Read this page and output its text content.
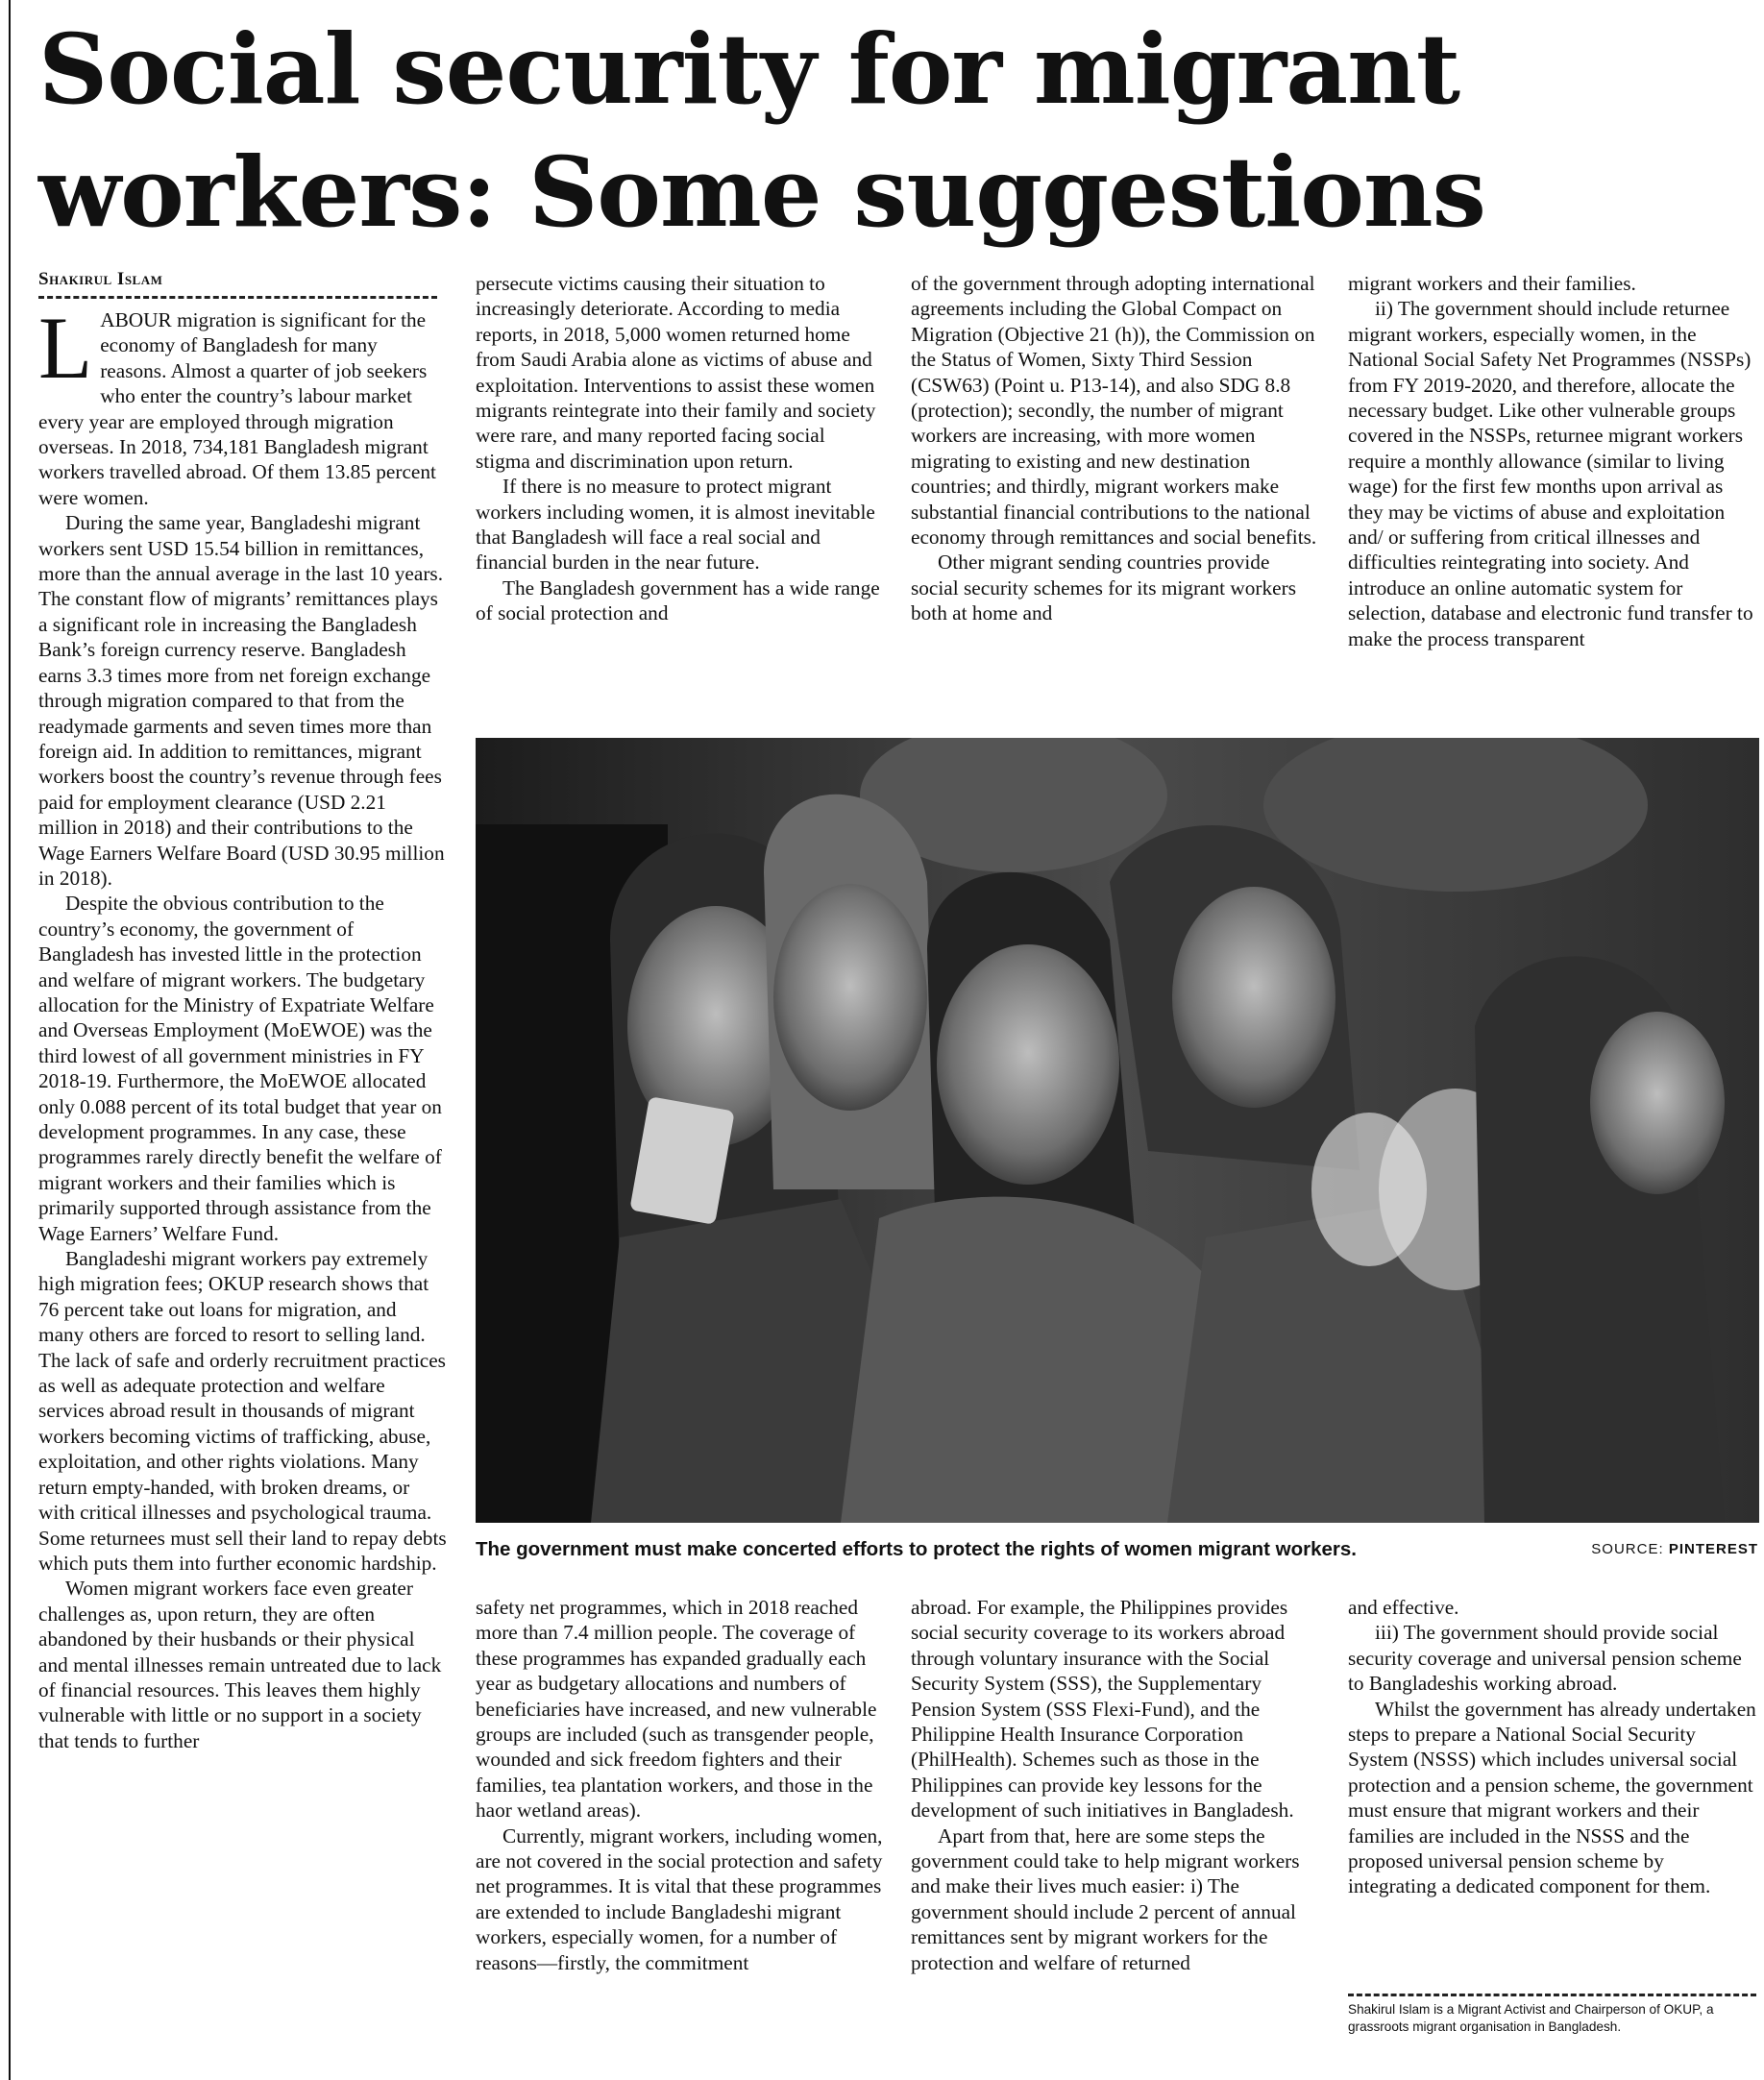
Social security for migrant workers: Some suggestions
Shakirul Islam

LABOUR migration is significant for the economy of Bangladesh for many reasons. Almost a quarter of job seekers who enter the country’s labour market every year are employed through migration overseas. In 2018, 734,181 Bangladesh migrant workers travelled abroad. Of them 13.85 percent were women.

During the same year, Bangladeshi migrant workers sent USD 15.54 billion in remittances, more than the annual average in the last 10 years. The constant flow of migrants’ remittances plays a significant role in increasing the Bangladesh Bank’s foreign currency reserve. Bangladesh earns 3.3 times more from net foreign exchange through migration compared to that from the readymade garments and seven times more than foreign aid. In addition to remittances, migrant workers boost the country’s revenue through fees paid for employment clearance (USD 2.21 million in 2018) and their contributions to the Wage Earners Welfare Board (USD 30.95 million in 2018).

Despite the obvious contribution to the country’s economy, the government of Bangladesh has invested little in the protection and welfare of migrant workers. The budgetary allocation for the Ministry of Expatriate Welfare and Overseas Employment (MoEWOE) was the third lowest of all government ministries in FY 2018-19. Furthermore, the MoEWOE allocated only 0.088 percent of its total budget that year on development programmes. In any case, these programmes rarely directly benefit the welfare of migrant workers and their families which is primarily supported through assistance from the Wage Earners’ Welfare Fund.

Bangladeshi migrant workers pay extremely high migration fees; OKUP research shows that 76 percent take out loans for migration, and many others are forced to resort to selling land. The lack of safe and orderly recruitment practices as well as adequate protection and welfare services abroad result in thousands of migrant workers becoming victims of trafficking, abuse, exploitation, and other rights violations. Many return empty-handed, with broken dreams, or with critical illnesses and psychological trauma. Some returnees must sell their land to repay debts which puts them into further economic hardship.

Women migrant workers face even greater challenges as, upon return, they are often abandoned by their husbands or their physical and mental illnesses remain untreated due to lack of financial resources. This leaves them highly vulnerable with little or no support in a society that tends to further

persecute victims causing their situation to increasingly deteriorate. According to media reports, in 2018, 5,000 women returned home from Saudi Arabia alone as victims of abuse and exploitation. Interventions to assist these women migrants reintegrate into their family and society were rare, and many reported facing social stigma and discrimination upon return.

If there is no measure to protect migrant workers including women, it is almost inevitable that Bangladesh will face a real social and financial burden in the near future.

The Bangladesh government has a wide range of social protection and

of the government through adopting international agreements including the Global Compact on Migration (Objective 21 (h)), the Commission on the Status of Women, Sixty Third Session (CSW63) (Point u. P13-14), and also SDG 8.8 (protection); secondly, the number of migrant workers are increasing, with more women migrating to existing and new destination countries; and thirdly, migrant workers make substantial financial contributions to the national economy through remittances and social benefits.

Other migrant sending countries provide social security schemes for its migrant workers both at home and

migrant workers and their families.

ii) The government should include returnee migrant workers, especially women, in the National Social Safety Net Programmes (NSSPs) from FY 2019-2020, and therefore, allocate the necessary budget. Like other vulnerable groups covered in the NSSPs, returnee migrant workers require a monthly allowance (similar to living wage) for the first few months upon arrival as they may be victims of abuse and exploitation and/ or suffering from critical illnesses and difficulties reintegrating into society. And introduce an online automatic system for selection, database and electronic fund transfer to make the process transparent

The government must make concerted efforts to protect the rights of women migrant workers.	SOURCE: PINTEREST

safety net programmes, which in 2018 reached more than 7.4 million people. The coverage of these programmes has expanded gradually each year as budgetary allocations and numbers of beneficiaries have increased, and new vulnerable groups are included (such as transgender people, wounded and sick freedom fighters and their families, tea plantation workers, and those in the haor wetland areas).

Currently, migrant workers, including women, are not covered in the social protection and safety net programmes. It is vital that these programmes are extended to include Bangladeshi migrant workers, especially women, for a number of reasons—firstly, the commitment

abroad. For example, the Philippines provides social security coverage to its workers abroad through voluntary insurance with the Social Security System (SSS), the Supplementary Pension System (SSS Flexi-Fund), and the Philippine Health Insurance Corporation (PhilHealth). Schemes such as those in the Philippines can provide key lessons for the development of such initiatives in Bangladesh.

Apart from that, here are some steps the government could take to help migrant workers and make their lives much easier: i) The government should include 2 percent of annual remittances sent by migrant workers for the protection and welfare of returned

and effective.

iii) The government should provide social security coverage and universal pension scheme to Bangladeshis working abroad.

Whilst the government has already undertaken steps to prepare a National Social Security System (NSSS) which includes universal social protection and a pension scheme, the government must ensure that migrant workers and their families are included in the NSSS and the proposed universal pension scheme by integrating a dedicated component for them.

Shakirul Islam is a Migrant Activist and Chairperson of OKUP, a grassroots migrant organisation in Bangladesh.
